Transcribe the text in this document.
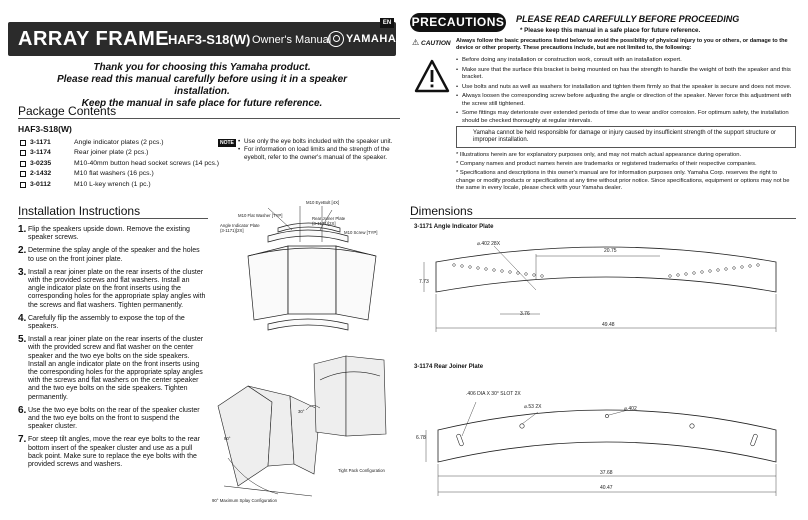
ARRAY FRAME
HAF3-S18(W) Owner's Manual
EN
YAMAHA
Thank you for choosing this Yamaha product.
Please read this manual carefully before using it in a speaker installation.
Keep the manual in safe place for future reference.
Package Contents
HAF3-S18(W)
3-1171	Angle indicator plates (2 pcs.)
3-1174	Rear joiner plate (2 pcs.)
3-0235	M10-40mm button head socket screws (14 pcs.)
2-1432	M10 flat washers (16 pcs.)
3-0112	M10 L-key wrench (1 pc.)
NOTE
•	Use only the eye bolts included with the speaker unit.
• For information on load limits and the strength of the eyebolt, refer to the owner's manual of the speaker.
Installation Instructions
1. Flip the speakers upside down. Remove the existing speaker screws.
2. Determine the splay angle of the speaker and the holes to use on the front joiner plate.
3. Install a rear joiner plate on the rear inserts of the cluster with the provided screws and flat washers. Install an angle indicator plate on the front inserts using the corresponding holes for the appropriate splay angles with the screws and flat washers. Tighten permanently.
4. Carefully flip the assembly to expose the top of the speakers.
5. Install a rear joiner plate on the rear inserts of the cluster with the provided screw and flat washer on the center speaker and the two eye bolts on the side speakers. Install an angle indicator plate on the front inserts using the corresponding holes for the appropriate splay angles with the screws and flat washers on the center speaker and the two eye bolts on the side speakers. Tighten permanently.
6. Use the two eye bolts on the rear of the speaker cluster and the two eye bolts on the front to suspend the speaker cluster.
7. For steep tilt angles, move the rear eye bolts to the rear bottom insert of the speaker cluster and use as a pull back point. Make sure to replace the eye bolts with the provided screws and washers.
M10 EyeBolt [4X]
M10 Flat Washer [TYP]
Rear Joiner Plate
(3-1174)[2X]
Angle Indicator Plate
(3-1171)[2X]	M10 Screw [TYP]
30°
90°
Tight Pack Configuration
90° Maximum Splay Configuration
PRECAUTIONS PLEASE READ CAREFULLY BEFORE PROCEEDING
* Please keep this manual in a safe place for future reference.
⚠ CAUTION Always follow the basic precautions listed below to avoid the possibility of physical injury to you or others, or damage to the device or other property. These precautions include, but are not limited to, the following:
• Before doing any installation or construction work, consult with an installation expert.
• Make sure that the surface this bracket is being mounted on has the strength to handle the weight of both the speaker and this bracket.
• Use bolts and nuts as well as washers for installation and tighten them firmly so that the speaker is secure and does not move.
• Always loosen the corresponding screw before adjusting the angle or direction of the speaker. Never force this adjustment with the screw still tightened.
• Some fittings may deteriorate over extended periods of time due to wear and/or corrosion. For optimum safety, the installation should be checked thoroughly at regular intervals.
Yamaha cannot be held responsible for damage or injury caused by insufficient strength of the support structure or improper installation.
* Illustrations herein are for explanatory purposes only, and may not match actual appearance during operation.
* Company names and product names herein are trademarks or registered trademarks of their respective companies.
* Specifications and descriptions in this owner's manual are for information purposes only. Yamaha Corp. reserves the right to change or modify products or specifications at any time without prior notice. Since specifications, equipment or options may not be the same in every locale, please check with your Yamaha dealer.
Dimensions
3-1171 Angle Indicator Plate
⌀.402 28X
20.75
7.73
3.76
49.48
3-1174 Rear Joiner Plate
.406 DIA X 30° SLOT 2X
⌀.53 2X	⌀.402
6.78
37.68
40.47
